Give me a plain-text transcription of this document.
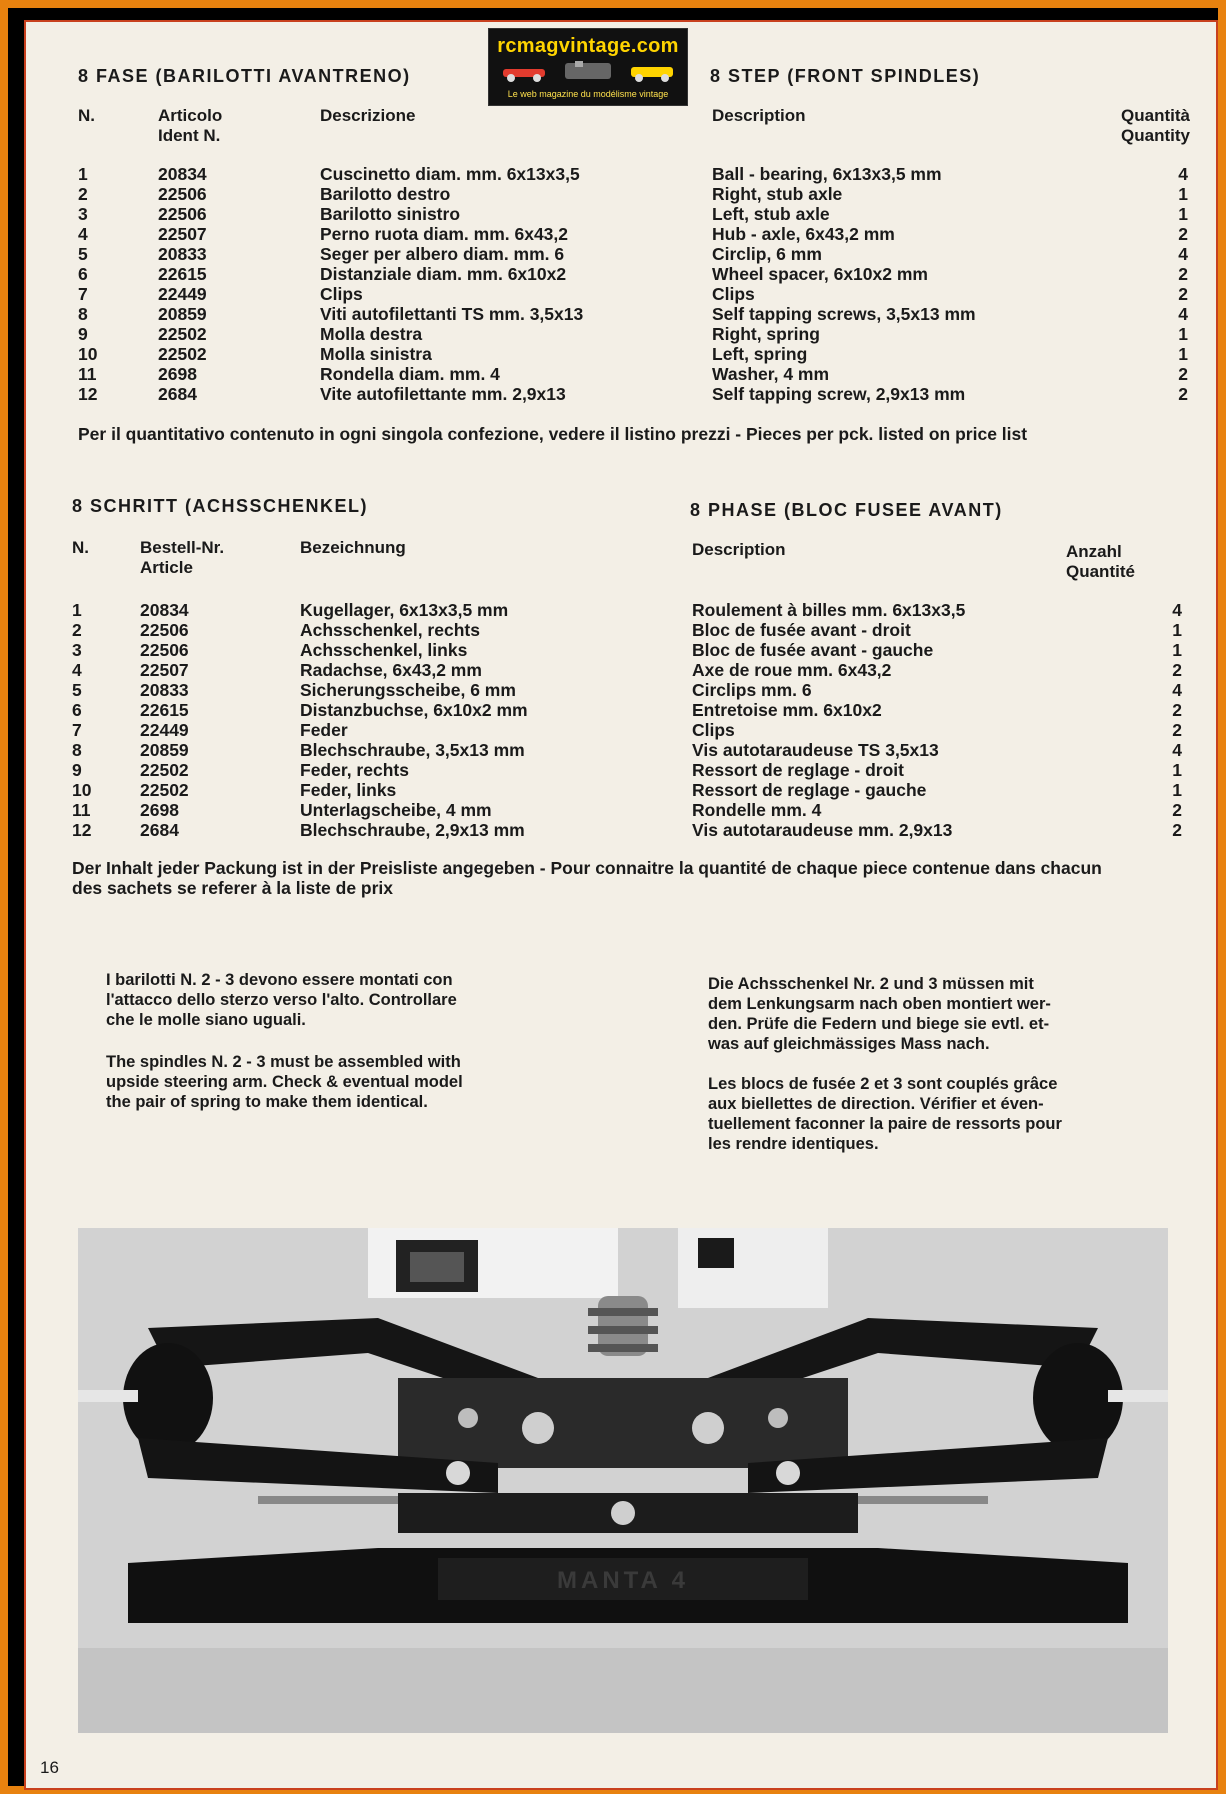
rcmagvintage.com
Le web magazine du modélisme vintage
8 FASE (BARILOTTI AVANTRENO)	8 STEP (FRONT SPINDLES)
N.	Articolo
Ident N.
Descrizione	Description	Quantità
Quantity
1	20834	Cuscinetto diam. mm. 6x13x3,5	Ball - bearing, 6x13x3,5 mm	4
2	22506	Barilotto destro	Right, stub axle	1
3	22506	Barilotto sinistro	Left, stub axle	1
4	22507	Perno ruota diam. mm. 6x43,2	Hub - axle, 6x43,2 mm	2
5	20833	Seger per albero diam. mm. 6	Circlip, 6 mm	4
6	22615	Distanziale diam. mm. 6x10x2	Wheel spacer, 6x10x2 mm	2
7	22449	Clips	Clips	2
8	20859	Viti autofilettanti TS mm. 3,5x13	Self tapping screws, 3,5x13 mm	4
9	22502	Molla destra	Right, spring	1
10	22502	Molla sinistra	Left, spring	1
11	2698	Rondella diam. mm. 4	Washer, 4 mm	2
12	2684	Vite autofilettante mm. 2,9x13	Self tapping screw, 2,9x13 mm	2
Per il quantitativo contenuto in ogni singola confezione, vedere il listino prezzi - Pieces per pck. listed on price list
8 SCHRITT (ACHSSCHENKEL)	8 PHASE (BLOC FUSEE AVANT)
N.	Bestell-Nr.
Article
Bezeichnung	Description	Anzahl
Quantité
1	20834	Kugellager, 6x13x3,5 mm	Roulement à billes mm. 6x13x3,5	4
2	22506	Achsschenkel, rechts	Bloc de fusée avant - droit	1
3	22506	Achsschenkel, links	Bloc de fusée avant - gauche	1
4	22507	Radachse, 6x43,2 mm	Axe de roue mm. 6x43,2	2
5	20833	Sicherungsscheibe, 6 mm	Circlips mm. 6	4
6	22615	Distanzbuchse, 6x10x2 mm	Entretoise mm. 6x10x2	2
7	22449	Feder	Clips	2
8	20859	Blechschraube, 3,5x13 mm	Vis autotaraudeuse TS 3,5x13	4
9	22502	Feder, rechts	Ressort de reglage - droit	1
10	22502	Feder, links	Ressort de reglage - gauche	1
11	2698	Unterlagscheibe, 4 mm	Rondelle mm. 4	2
12	2684	Blechschraube, 2,9x13 mm	Vis autotaraudeuse mm. 2,9x13	2
Der Inhalt jeder Packung ist in der Preisliste angegeben - Pour connaitre la quantité de chaque piece contenue dans chacun
des sachets se referer à la liste de prix
I barilotti N. 2 - 3 devono essere montati con
l'attacco dello sterzo verso l'alto. Controllare
che le molle siano uguali.
The spindles N. 2 - 3 must be assembled with
upside steering arm. Check & eventual model
the pair of spring to make them identical.
Die Achsschenkel Nr. 2 und 3 müssen mit
dem Lenkungsarm nach oben montiert wer-
den. Prüfe die Federn und biege sie evtl. et-
was auf gleichmässiges Mass nach.
Les blocs de fusée 2 et 3 sont couplés grâce
aux biellettes de direction. Vérifier et éven-
tuellement faconner la paire de ressorts pour
les rendre identiques.
MANTA 4
16
